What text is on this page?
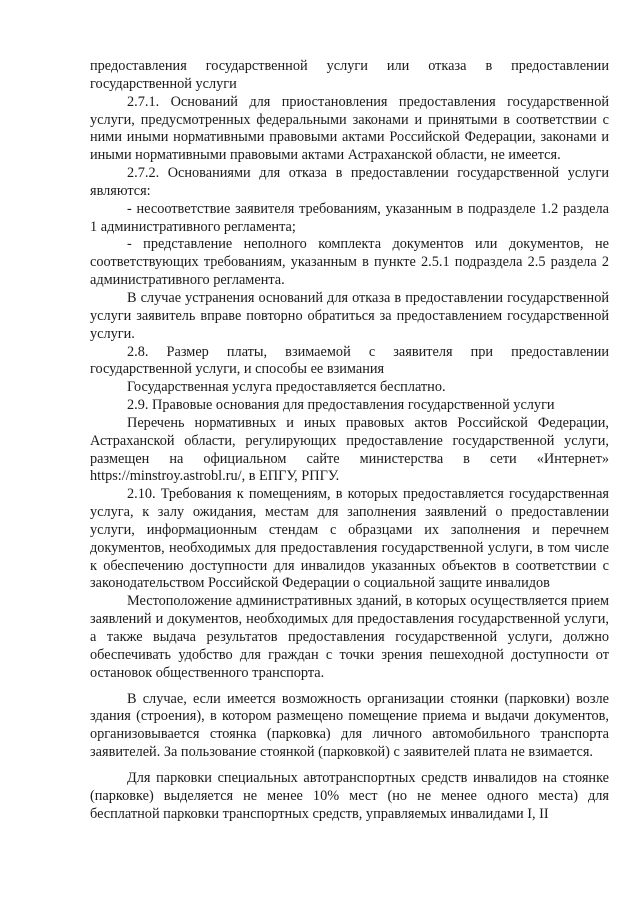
предоставления государственной услуги или отказа в предоставлении государственной услуги

2.7.1. Оснований для приостановления предоставления государственной услуги, предусмотренных федеральными законами и принятыми в соответствии с ними иными нормативными правовыми актами Российской Федерации, законами и иными нормативными правовыми актами Астраханской области, не имеется.

2.7.2. Основаниями для отказа в предоставлении государственной услуги являются:

- несоответствие заявителя требованиям, указанным в подразделе 1.2 раздела 1 административного регламента;

- представление неполного комплекта документов или документов, не соответствующих требованиям, указанным в пункте 2.5.1 подраздела 2.5 раздела 2 административного регламента.

В случае устранения оснований для отказа в предоставлении государственной услуги заявитель вправе повторно обратиться за предоставлением государственной услуги.

2.8. Размер платы, взимаемой с заявителя при предоставлении государственной услуги, и способы ее взимания

Государственная услуга предоставляется бесплатно.

2.9. Правовые основания для предоставления государственной услуги

Перечень нормативных и иных правовых актов Российской Федерации, Астраханской области, регулирующих предоставление государственной услуги, размещен на официальном сайте министерства в сети «Интернет» https://minstroy.astrobl.ru/, в ЕПГУ, РПГУ.

2.10. Требования к помещениям, в которых предоставляется государственная услуга, к залу ожидания, местам для заполнения заявлений о предоставлении услуги, информационным стендам с образцами их заполнения и перечнем документов, необходимых для предоставления государственной услуги, в том числе к обеспечению доступности для инвалидов указанных объектов в соответствии с законодательством Российской Федерации о социальной защите инвалидов

Местоположение административных зданий, в которых осуществляется прием заявлений и документов, необходимых для предоставления государственной услуги, а также выдача результатов предоставления государственной услуги, должно обеспечивать удобство для граждан с точки зрения пешеходной доступности от остановок общественного транспорта.

В случае, если имеется возможность организации стоянки (парковки) возле здания (строения), в котором размещено помещение приема и выдачи документов, организовывается стоянка (парковка) для личного автомобильного транспорта заявителей. За пользование стоянкой (парковкой) с заявителей плата не взимается.

Для парковки специальных автотранспортных средств инвалидов на стоянке (парковке) выделяется не менее 10% мест (но не менее одного места) для бесплатной парковки транспортных средств, управляемых инвалидами I, II
